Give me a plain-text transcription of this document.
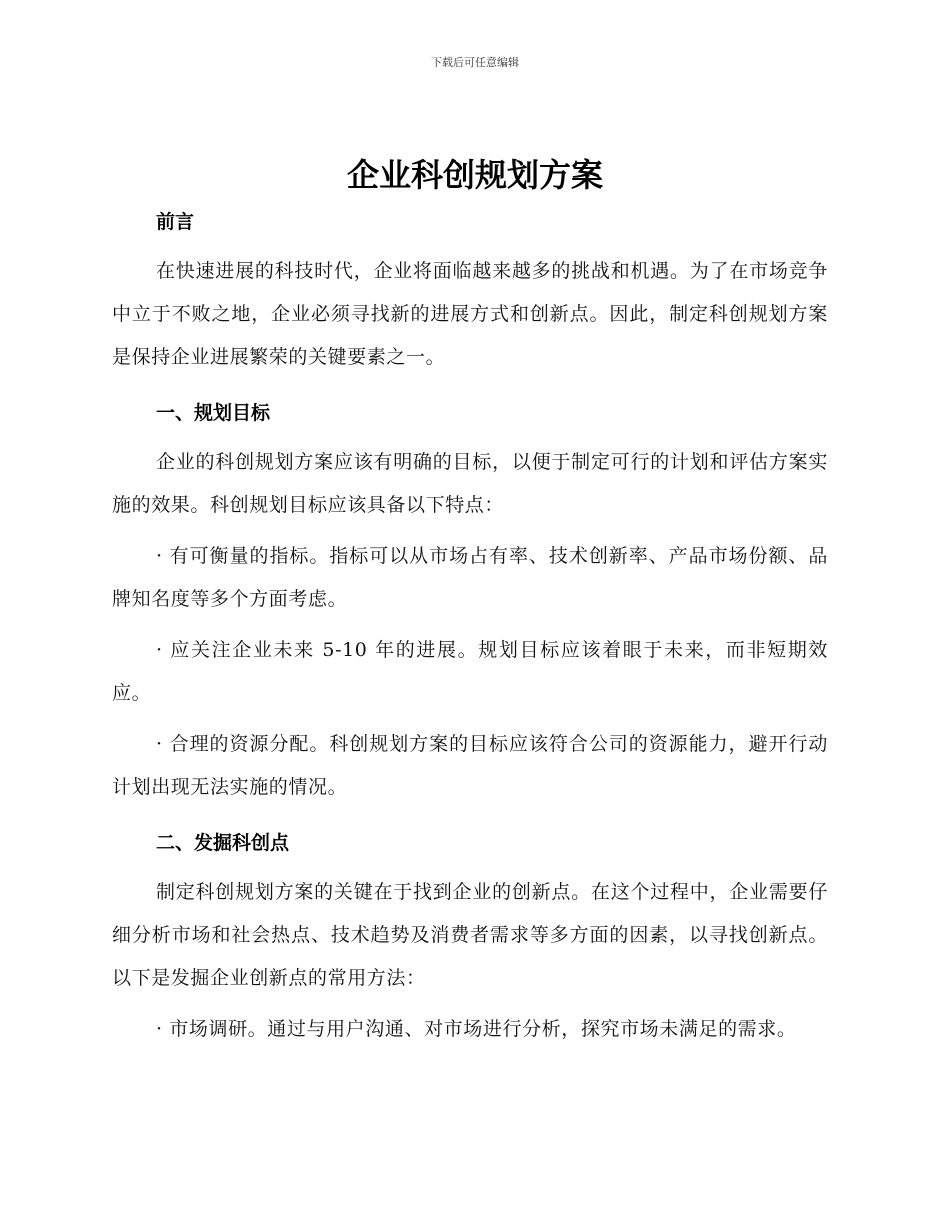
下载后可任意编辑
企业科创规划方案
前言

在快速进展的科技时代，企业将面临越来越多的挑战和机遇。为了在市场竞争中立于不败之地，企业必须寻找新的进展方式和创新点。因此，制定科创规划方案是保持企业进展繁荣的关键要素之一。

一、规划目标

企业的科创规划方案应该有明确的目标，以便于制定可行的计划和评估方案实施的效果。科创规划目标应该具备以下特点：

· 有可衡量的指标。指标可以从市场占有率、技术创新率、产品市场份额、品牌知名度等多个方面考虑。

· 应关注企业未来 5-10 年的进展。规划目标应该着眼于未来，而非短期效应。

· 合理的资源分配。科创规划方案的目标应该符合公司的资源能力，避开行动计划出现无法实施的情况。

二、发掘科创点

制定科创规划方案的关键在于找到企业的创新点。在这个过程中，企业需要仔细分析市场和社会热点、技术趋势及消费者需求等多方面的因素，以寻找创新点。以下是发掘企业创新点的常用方法：

· 市场调研。通过与用户沟通、对市场进行分析，探究市场未满足的需求。
